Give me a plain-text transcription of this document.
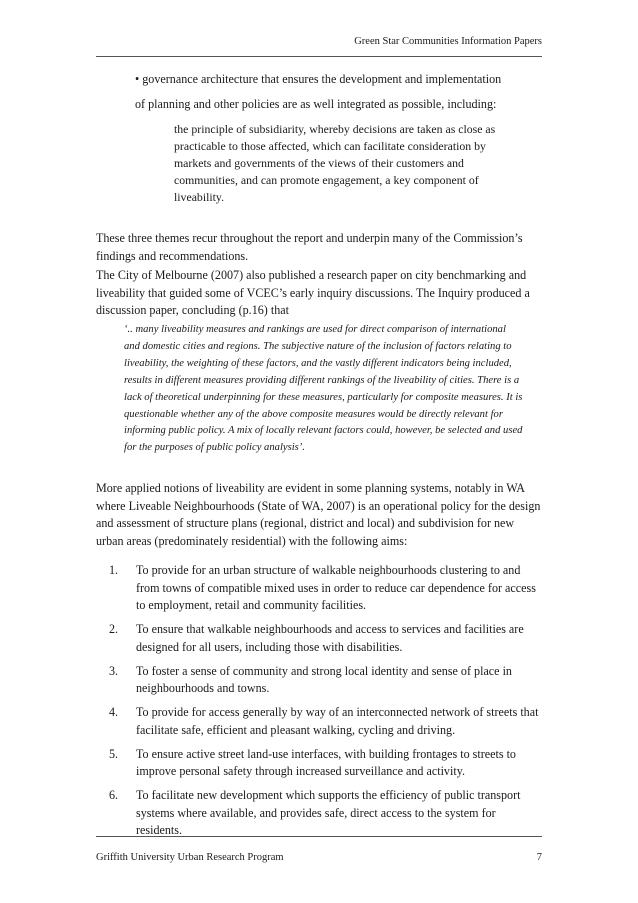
Green Star Communities Information Papers

• governance architecture that ensures the development and implementation

of planning and other policies are as well integrated as possible, including:

the principle of subsidiarity, whereby decisions are taken as close as practicable to those affected, which can facilitate consideration by markets and governments of the views of their customers and communities, and can promote engagement, a key component of liveability.

These three themes recur throughout the report and underpin many of the Commission’s findings and recommendations.

The City of Melbourne (2007) also published a research paper on city benchmarking and liveability that guided some of VCEC’s early inquiry discussions. The Inquiry produced a discussion paper, concluding (p.16) that

‘.. many liveability measures and rankings are used for direct comparison of international and domestic cities and regions. The subjective nature of the inclusion of factors relating to liveability, the weighting of these factors, and the vastly different indicators being included, results in different measures providing different rankings of the liveability of cities. There is a lack of theoretical underpinning for these measures, particularly for composite measures. It is questionable whether any of the above composite measures would be directly relevant for informing public policy. A mix of locally relevant factors could, however, be selected and used for the purposes of public policy analysis’.

More applied notions of liveability are evident in some planning systems, notably in WA where Liveable Neighbourhoods (State of WA, 2007) is an operational policy for the design and assessment of structure plans (regional, district and local) and subdivision for new urban areas (predominately residential) with the following aims:

1. To provide for an urban structure of walkable neighbourhoods clustering to and from towns of compatible mixed uses in order to reduce car dependence for access to employment, retail and community facilities.
2. To ensure that walkable neighbourhoods and access to services and facilities are designed for all users, including those with disabilities.
3. To foster a sense of community and strong local identity and sense of place in neighbourhoods and towns.
4. To provide for access generally by way of an interconnected network of streets that facilitate safe, efficient and pleasant walking, cycling and driving.
5. To ensure active street land-use interfaces, with building frontages to streets to improve personal safety through increased surveillance and activity.
6. To facilitate new development which supports the efficiency of public transport systems where available, and provides safe, direct access to the system for residents.
Griffith University Urban Research Program	7
